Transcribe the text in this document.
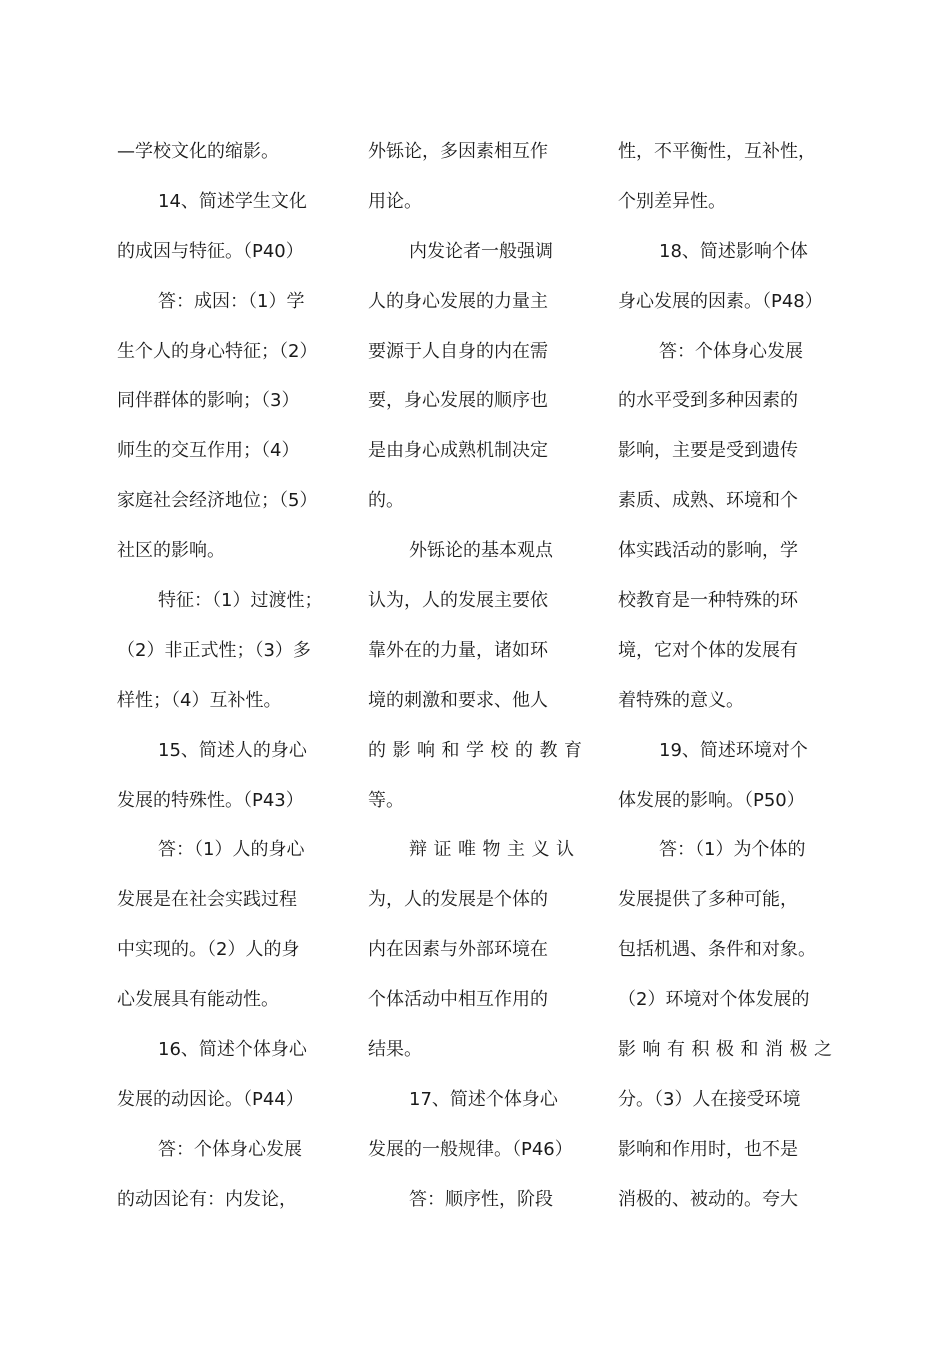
—学校文化的缩影。
14、简述学生文化
的成因与特征。（P40）
答：成因：（1）学
生个人的身心特征；（2）
同伴群体的影响；（3）
师生的交互作用；（4）
家庭社会经济地位；（5）
社区的影响。
特征：（1）过渡性；
（2）非正式性；（3）多
样性；（4）互补性。
15、简述人的身心
发展的特殊性。（P43）
答：（1）人的身心
发展是在社会实践过程
中实现的。（2）人的身
心发展具有能动性。
16、简述个体身心
发展的动因论。（P44）
答：个体身心发展
的动因论有：内发论，
外铄论，多因素相互作
用论。
内发论者一般强调
人的身心发展的力量主
要源于人自身的内在需
要，身心发展的顺序也
是由身心成熟机制决定
的。
外铄论的基本观点
认为，人的发展主要依
靠外在的力量，诸如环
境的刺激和要求、他人
的影响和学校的教育
等。
辩证唯物主义认
为，人的发展是个体的
内在因素与外部环境在
个体活动中相互作用的
结果。
17、简述个体身心
发展的一般规律。（P46）
答：顺序性，阶段
性，不平衡性，互补性，
个别差异性。
18、简述影响个体
身心发展的因素。（P48）
答：个体身心发展
的水平受到多种因素的
影响，主要是受到遗传
素质、成熟、环境和个
体实践活动的影响，学
校教育是一种特殊的环
境，它对个体的发展有
着特殊的意义。
19、简述环境对个
体发展的影响。（P50）
答：（1）为个体的
发展提供了多种可能，
包括机遇、条件和对象。
（2）环境对个体发展的
影响有积极和消极之
分。（3）人在接受环境
影响和作用时，也不是
消极的、被动的。夸大
